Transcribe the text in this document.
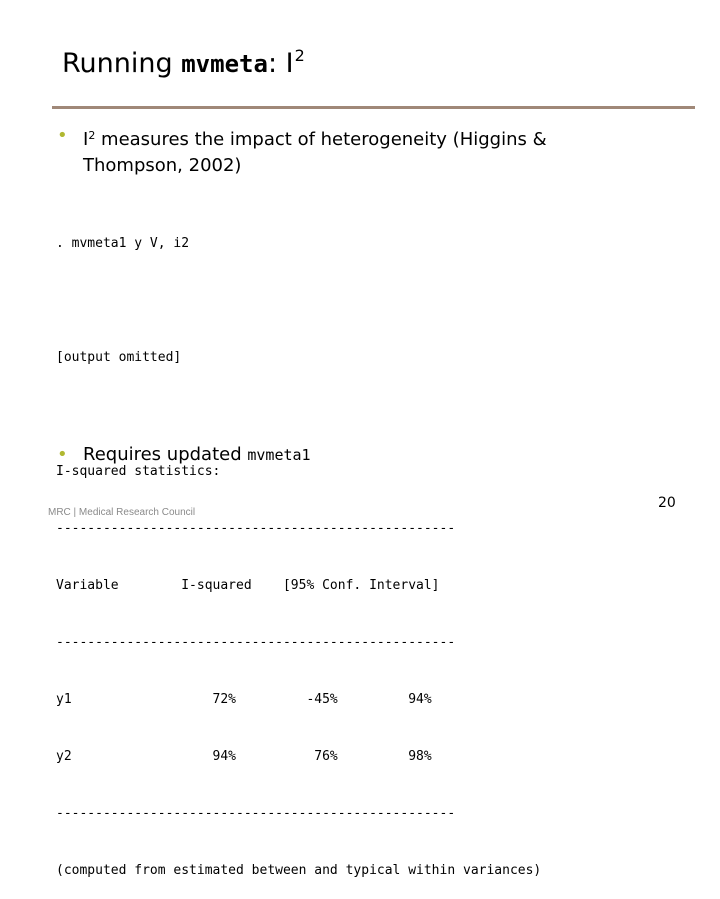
Running mvmeta: $I^2$
• $I^2$ measures the impact of heterogeneity (Higgins & Thompson, 2002)

. mvmeta1 y V, i2

[output omitted]

I-squared statistics:

---------------------------------------------------

Variable        I-squared    [95% Conf. Interval]

---------------------------------------------------

y1                  72%         -45%         94%

y2                  94%          76%         98%

---------------------------------------------------

(computed from estimated between and typical within variances)

• Requires updated mvmeta1
20
MRC | Medical Research Council
